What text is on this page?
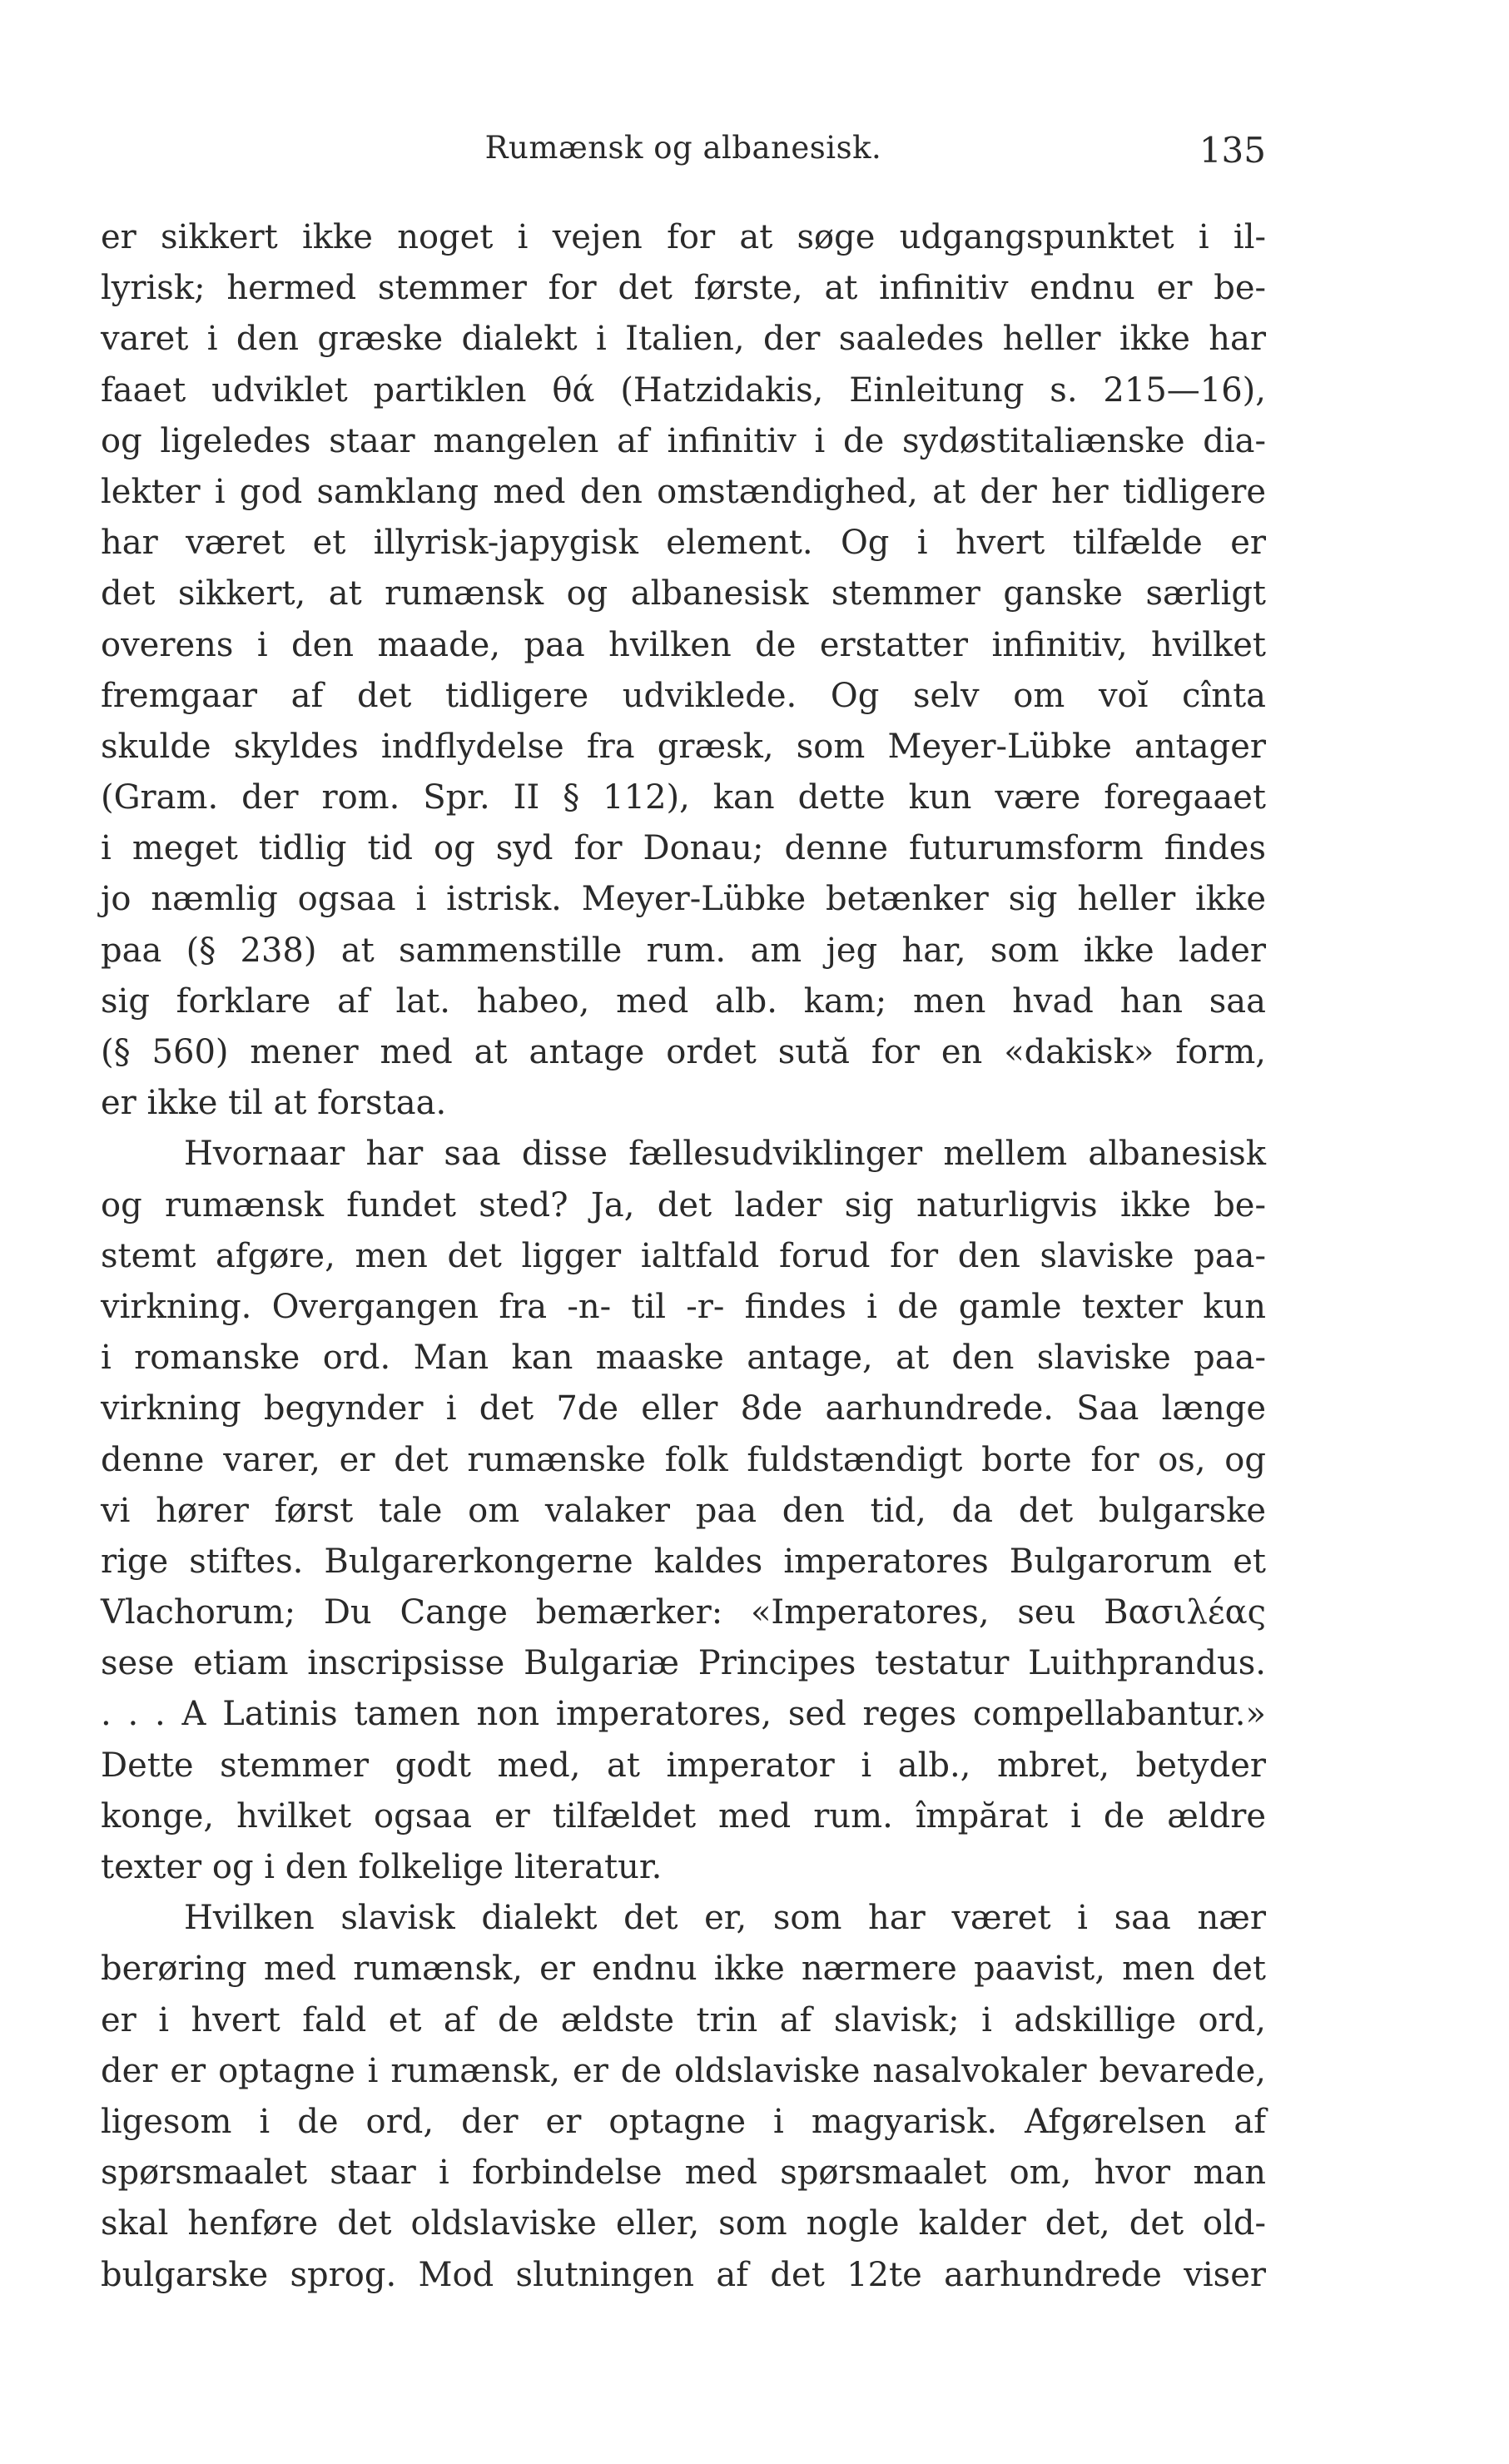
Rumænsk og albanesisk.	135
er sikkert ikke noget i vejen for at søge udgangspunktet i il-
lyrisk; hermed stemmer for det første, at infinitiv endnu er be-
varet i den græske dialekt i Italien, der saaledes heller ikke har
faaet udviklet partiklen θά (Hatzidakis, Einleitung s. 215—16),
og ligeledes staar mangelen af infinitiv i de sydøstitaliænske dia-
lekter i god samklang med den omstændighed, at der her tidligere
har været et illyrisk-japygisk element. Og i hvert tilfælde er
det sikkert, at rumænsk og albanesisk stemmer ganske særligt
overens i den maade, paa hvilken de erstatter infinitiv, hvilket
fremgaar af det tidligere udviklede. Og selv om voĭ cînta
skulde skyldes indflydelse fra græsk, som Meyer-Lübke antager
(Gram. der rom. Spr. II § 112), kan dette kun være foregaaet
i meget tidlig tid og syd for Donau; denne futurumsform findes
jo næmlig ogsaa i istrisk. Meyer-Lübke betænker sig heller ikke
paa (§ 238) at sammenstille rum. am jeg har, som ikke lader
sig forklare af lat. habeo, med alb. kam; men hvad han saa
(§ 560) mener med at antage ordet sută for en «dakisk» form,
er ikke til at forstaa.
Hvornaar har saa disse fællesudviklinger mellem albanesisk
og rumænsk fundet sted? Ja, det lader sig naturligvis ikke be-
stemt afgøre, men det ligger ialtfald forud for den slaviske paa-
virkning. Overgangen fra -n- til -r- findes i de gamle texter kun
i romanske ord. Man kan maaske antage, at den slaviske paa-
virkning begynder i det 7de eller 8de aarhundrede. Saa længe
denne varer, er det rumænske folk fuldstændigt borte for os, og
vi hører først tale om valaker paa den tid, da det bulgarske
rige stiftes. Bulgarerkongerne kaldes imperatores Bulgarorum et
Vlachorum; Du Cange bemærker: «Imperatores, seu Βασιλέας
sese etiam inscripsisse Bulgariæ Principes testatur Luithprandus.
. . . A Latinis tamen non imperatores, sed reges compellabantur.»
Dette stemmer godt med, at imperator i alb., mbret, betyder
konge, hvilket ogsaa er tilfældet med rum. împărat i de ældre
texter og i den folkelige literatur.
Hvilken slavisk dialekt det er, som har været i saa nær
berøring med rumænsk, er endnu ikke nærmere paavist, men det
er i hvert fald et af de ældste trin af slavisk; i adskillige ord,
der er optagne i rumænsk, er de oldslaviske nasalvokaler bevarede,
ligesom i de ord, der er optagne i magyarisk. Afgørelsen af
spørsmaalet staar i forbindelse med spørsmaalet om, hvor man
skal henføre det oldslaviske eller, som nogle kalder det, det old-
bulgarske sprog. Mod slutningen af det 12te aarhundrede viser
